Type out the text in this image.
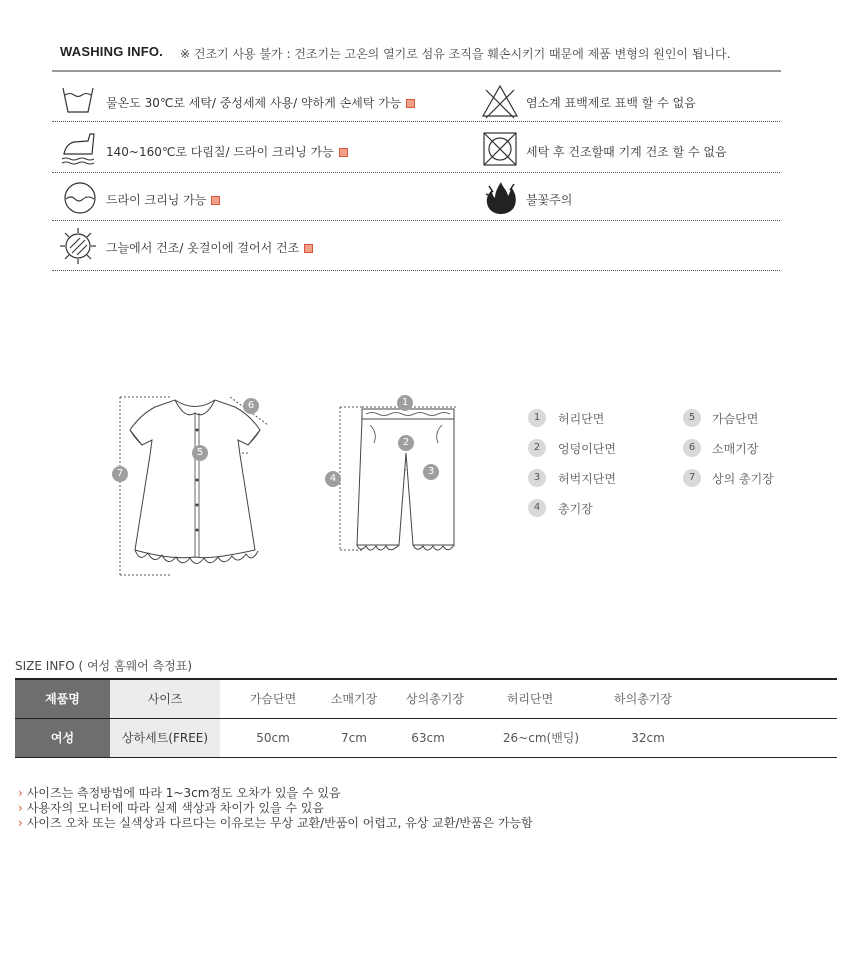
WASHING INFO. ※ 건조기 사용 불가 : 건조기는 고온의 열기로 섬유 조직을 훼손시키기 때문에 제품 변형의 원인이 됩니다.
물온도 30℃로 세탁/ 중성세제 사용/ 약하게 손세탁 가능	염소계 표백제로 표백 할 수 없음
140~160℃로 다림질/ 드라이 크리닝 가능	세탁 후 건조할때 기계 건조 할 수 없음
드라이 크리닝 가능	불꽃주의
그늘에서 건조/ 옷걸이에 걸어서 건조
7
5
6	1
2
3
4
1	허리단면
2	엉덩이단면
3	허벅지단면
4	총기장
5	가슴단면
6	소매기장
7	상의 총기장
SIZE INFO ( 여성 홈웨어 측정표)
제품명	사이즈	가슴단면	소매기장	상의총기장	허리단면	하의총기장
여성	상하세트(FREE)	50cm	7cm	63cm	26~cm(밴딩)	32cm
› 사이즈는 측정방법에 따라 1~3cm정도 오차가 있을 수 있음
› 사용자의 모니터에 따라 실제 색상과 차이가 있을 수 있음
› 사이즈 오차 또는 실색상과 다르다는 이유로는 무상 교환/반품이 어렵고, 유상 교환/반품은 가능함
